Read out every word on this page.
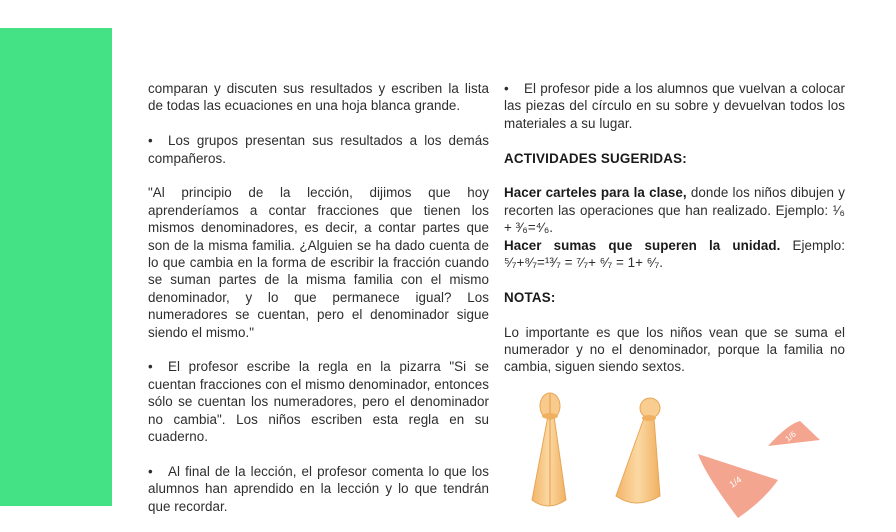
comparan y discuten sus resultados y escriben la lista de todas las ecuaciones en una hoja blanca grande.

• Los grupos presentan sus resultados a los demás compañeros.

"Al principio de la lección, dijimos que hoy aprenderíamos a contar fracciones que tienen los mismos denominadores, es decir, a contar partes que son de la misma familia. ¿Alguien se ha dado cuenta de lo que cambia en la forma de escribir la fracción cuando se suman partes de la misma familia con el mismo denominador, y lo que permanece igual? Los numeradores se cuentan, pero el denominador sigue siendo el mismo."

• El profesor escribe la regla en la pizarra "Si se cuentan fracciones con el mismo denominador, entonces sólo se cuentan los numeradores, pero el denominador no cambia". Los niños escriben esta regla en su cuaderno.

• Al final de la lección, el profesor comenta lo que los alumnos han aprendido en la lección y lo que tendrán que recordar.

• El profesor pide a los alumnos que vuelvan a colocar las piezas del círculo en su sobre y devuelvan todos los materiales a su lugar.

ACTIVIDADES SUGERIDAS:

Hacer carteles para la clase, donde los niños dibujen y recorten las operaciones que han realizado. Ejemplo: ¹⁄₆ + ³⁄₆=⁴⁄₆.

Hacer sumas que superen la unidad. Ejemplo: ⁵⁄₇+⁸⁄₇=¹³⁄₇ = ⁷⁄₇+ ⁶⁄₇ = 1+ ⁶⁄₇.

NOTAS:

Lo importante es que los niños vean que se suma el numerador y no el denominador, porque la familia no cambia, siguen siendo sextos.

1/4
1/6
